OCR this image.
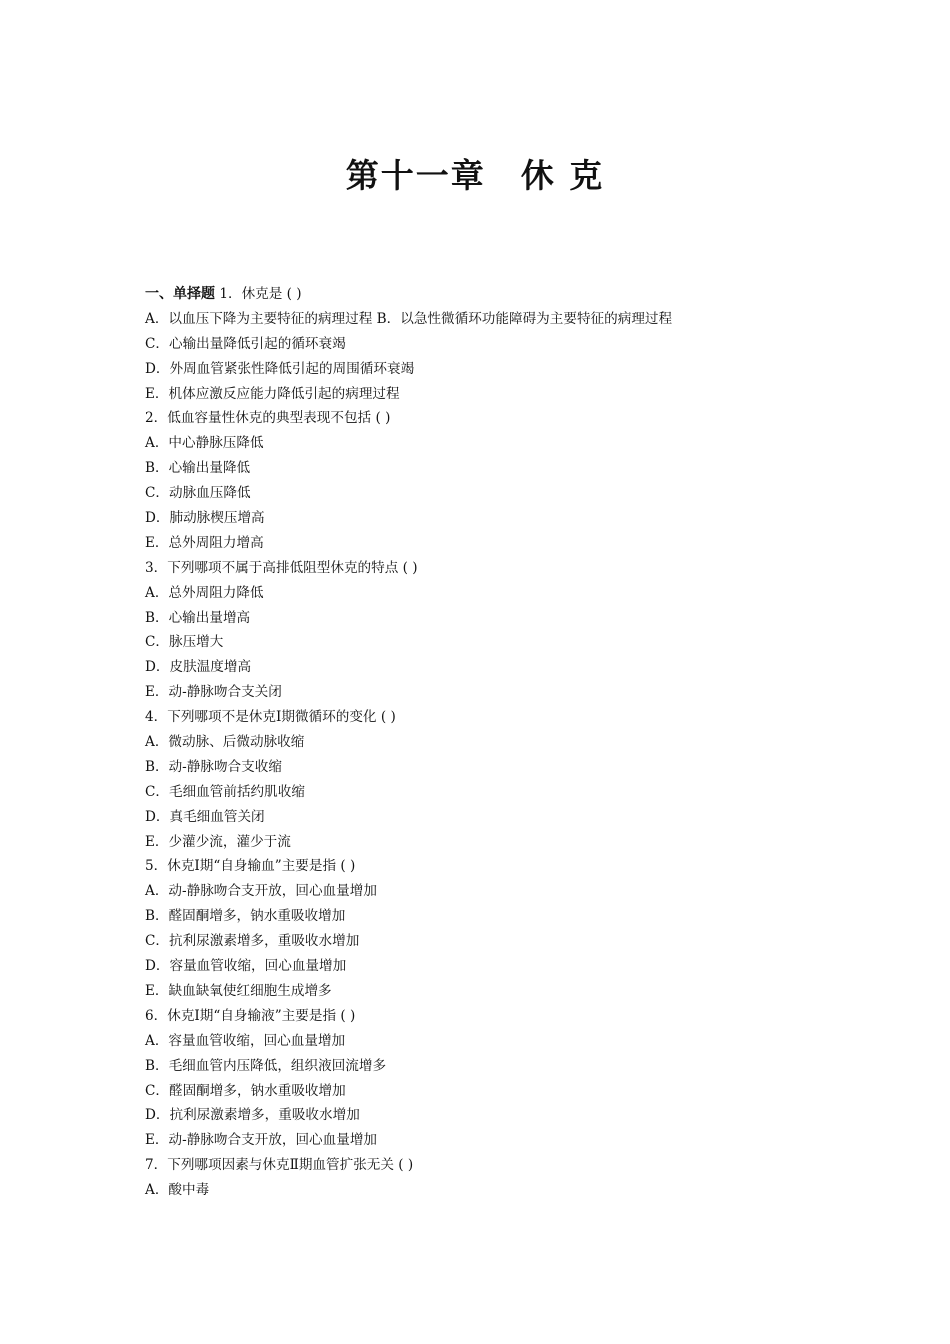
第十一章　休 克
一、单择题 1．休克是 ( )
A．以血压下降为主要特征的病理过程 B．以急性微循环功能障碍为主要特征的病理过程
C．心输出量降低引起的循环衰竭
D．外周血管紧张性降低引起的周围循环衰竭
E．机体应激反应能力降低引起的病理过程
2．低血容量性休克的典型表现不包括 ( )
A．中心静脉压降低
B．心输出量降低
C．动脉血压降低
D．肺动脉楔压增高
E．总外周阻力增高
3．下列哪项不属于高排低阻型休克的特点 ( )
A．总外周阻力降低
B．心输出量增高
C．脉压增大
D．皮肤温度增高
E．动-静脉吻合支关闭
4．下列哪项不是休克Ⅰ期微循环的变化 ( )
A．微动脉、后微动脉收缩
B．动-静脉吻合支收缩
C．毛细血管前括约肌收缩
D．真毛细血管关闭
E．少灌少流，灌少于流
5．休克Ⅰ期“自身输血”主要是指 ( )
A．动-静脉吻合支开放，回心血量增加
B．醛固酮增多，钠水重吸收增加
C．抗利尿激素增多，重吸收水增加
D．容量血管收缩，回心血量增加
E．缺血缺氧使红细胞生成增多
6．休克Ⅰ期“自身输液”主要是指 ( )
A．容量血管收缩，回心血量增加
B．毛细血管内压降低，组织液回流增多
C．醛固酮增多，钠水重吸收增加
D．抗利尿激素增多，重吸收水增加
E．动-静脉吻合支开放，回心血量增加
7．下列哪项因素与休克Ⅱ期血管扩张无关 ( )
A．酸中毒
